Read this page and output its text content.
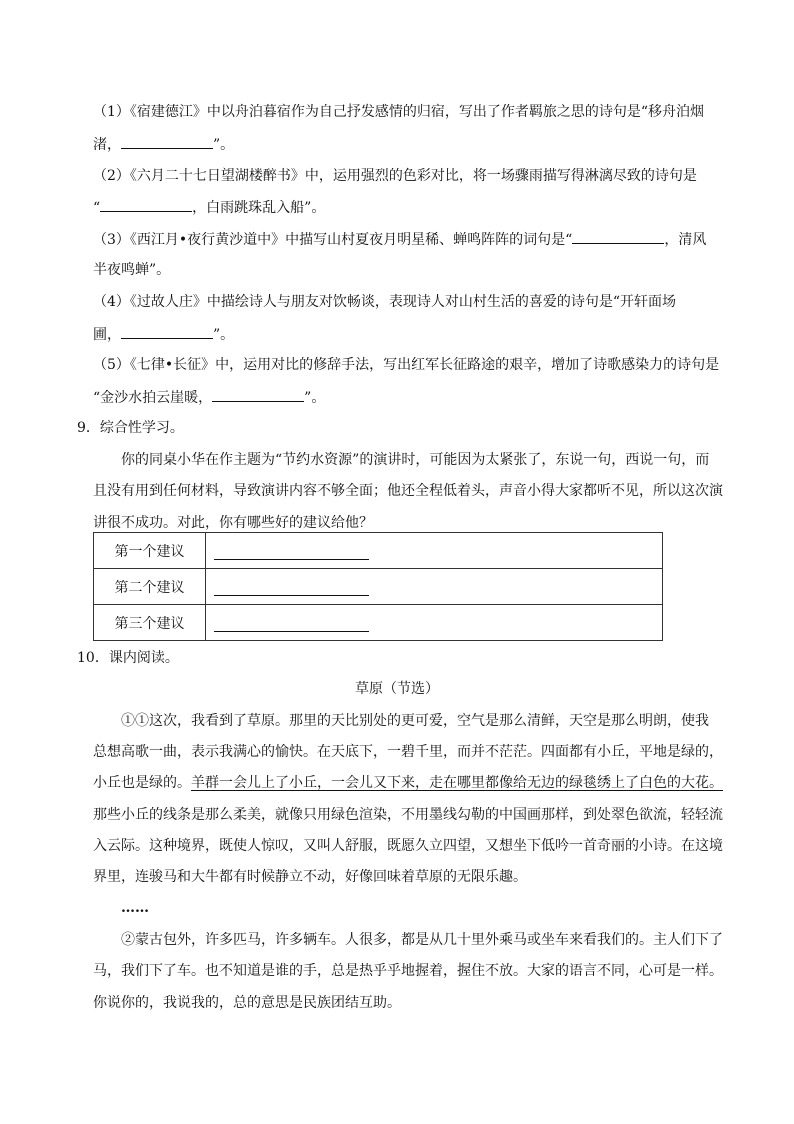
（1）《宿建德江》中以舟泊暮宿作为自己抒发感情的归宿，写出了作者羁旅之思的诗句是“移舟泊烟
渚，	”。
（2）《六月二十七日望湖楼醉书》中，运用强烈的色彩对比，将一场骤雨描写得淋漓尽致的诗句是
“	，白雨跳珠乱入船”。
（3）《西江月•夜行黄沙道中》中描写山村夏夜月明星稀、蝉鸣阵阵的词句是“	，清风
半夜鸣蝉”。
（4）《过故人庄》中描绘诗人与朋友对饮畅谈，表现诗人对山村生活的喜爱的诗句是“开轩面场
圃，	”。
（5）《七律•长征》中，运用对比的修辞手法，写出红军长征路途的艰辛，增加了诗歌感染力的诗句是
“金沙水拍云崖暖，	”。
9．综合性学习。
你的同桌小华在作主题为“节约水资源”的演讲时，可能因为太紧张了，东说一句，西说一句，而
且没有用到任何材料，导致演讲内容不够全面；他还全程低着头，声音小得大家都听不见，所以这次演
讲很不成功。对此，你有哪些好的建议给他？
第一个建议	
第二个建议	
第三个建议	
10．课内阅读。
草原（节选）
①①这次，我看到了草原。那里的天比别处的更可爱，空气是那么清鲜，天空是那么明朗，使我
总想高歌一曲，表示我满心的愉快。在天底下，一碧千里，而并不茫茫。四面都有小丘，平地是绿的，
小丘也是绿的。羊群一会儿上了小丘，一会儿又下来，走在哪里都像给无边的绿毯绣上了白色的大花。
那些小丘的线条是那么柔美，就像只用绿色渲染，不用墨线勾勒的中国画那样，到处翠色欲流，轻轻流
入云际。这种境界，既使人惊叹，又叫人舒服，既愿久立四望，又想坐下低吟一首奇丽的小诗。在这境
界里，连骏马和大牛都有时候静立不动，好像回味着草原的无限乐趣。
……
②蒙古包外，许多匹马，许多辆车。人很多，都是从几十里外乘马或坐车来看我们的。主人们下了
马，我们下了车。也不知道是谁的手，总是热乎乎地握着，握住不放。大家的语言不同，心可是一样。
你说你的，我说我的，总的意思是民族团结互助。
